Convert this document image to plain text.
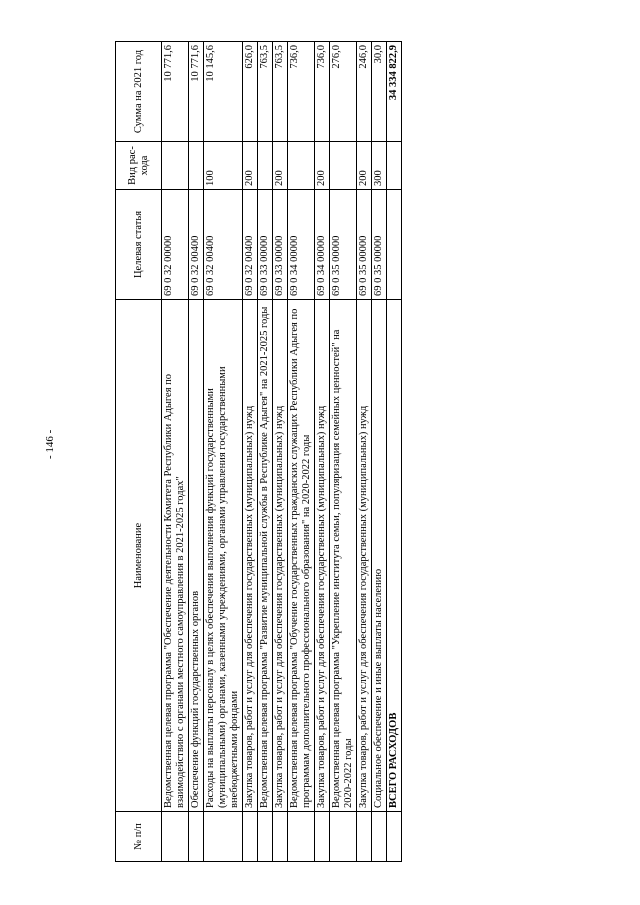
- 146 -
№ п/п	Наименование	Целевая статья	Вид рас-хода	Сумма на 2021 год
	Ведомственная целевая программа "Обеспечение деятельности Комитета Республики Адыгея по взаимодействию с органами местного самоуправления в 2021-2025 годах"	69 0 32 00000		10 771,6
	Обеспечение функций государственных органов	69 0 32 00400		10 771,6
	Расходы на выплаты персоналу в целях обеспечения выполнения функций государственными (муниципальными) органами, казенными учреждениями, органами управления государственными внебюджетными фондами	69 0 32 00400	100	10 145,6
	Закупка товаров, работ и услуг для обеспечения государственных (муниципальных) нужд	69 0 32 00400	200	626,0
	Ведомственная целевая программа "Развитие муниципальной службы в Республике Адыгея" на 2021-2025 годы	69 0 33 00000		763,5
	Закупка товаров, работ и услуг для обеспечения государственных (муниципальных) нужд	69 0 33 00000	200	763,5
	Ведомственная целевая программа "Обучение государственных гражданских служащих Республики Адыгея по программам дополнительного профессионального образования" на 2020-2022 годы	69 0 34 00000		736,0
	Закупка товаров, работ и услуг для обеспечения государственных (муниципальных) нужд	69 0 34 00000	200	736,0
	Ведомственная целевая программа "Укрепление института семьи, популяризация семейных ценностей" на 2020-2022 годы	69 0 35 00000		276,0
	Закупка товаров, работ и услуг для обеспечения государственных (муниципальных) нужд	69 0 35 00000	200	246,0
	Социальное обеспечение и иные выплаты населению	69 0 35 00000	300	30,0
	ВСЕГО РАСХОДОВ			34 334 822,9
